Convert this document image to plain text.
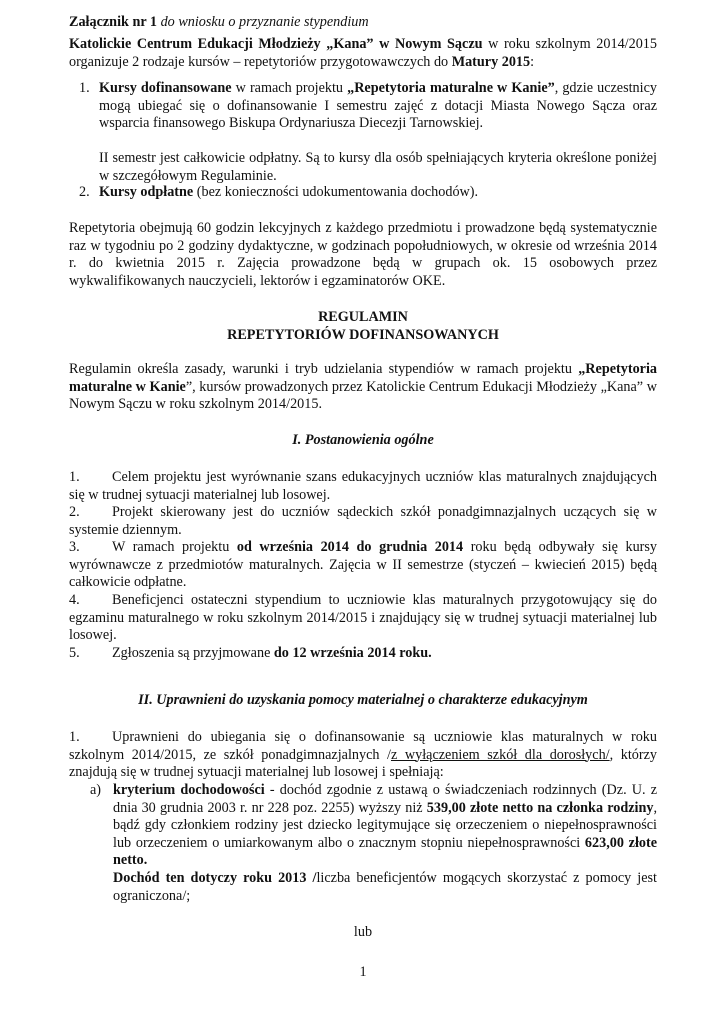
Załącznik nr 1 do wniosku o przyznanie stypendium

Katolickie Centrum Edukacji Młodzieży „Kana” w Nowym Sączu w roku szkolnym 2014/2015 organizuje 2 rodzaje kursów – repetytoriów przygotowawczych do Matury 2015:

1. Kursy dofinansowane w ramach projektu „Repetytoria maturalne w Kanie”, gdzie uczestnicy mogą ubiegać się o dofinansowanie I semestru zajęć z dotacji Miasta Nowego Sącza oraz wsparcia finansowego Biskupa Ordynariusza Diecezji Tarnowskiej.
II semestr jest całkowicie odpłatny. Są to kursy dla osób spełniających kryteria określone poniżej w szczegółowym Regulaminie.
2. Kursy odpłatne (bez konieczności udokumentowania dochodów).

Repetytoria obejmują 60 godzin lekcyjnych z każdego przedmiotu i prowadzone będą systematycznie raz w tygodniu po 2 godziny dydaktyczne, w godzinach popołudniowych, w okresie od września 2014 r. do kwietnia 2015 r. Zajęcia prowadzone będą w grupach ok. 15 osobowych przez wykwalifikowanych nauczycieli, lektorów i egzaminatorów OKE.

REGULAMIN
REPETYTORIÓW DOFINANSOWANYCH

Regulamin określa zasady, warunki i tryb udzielania stypendiów w ramach projektu „Repetytoria maturalne w Kanie”, kursów prowadzonych przez Katolickie Centrum Edukacji Młodzieży „Kana” w Nowym Sączu w roku szkolnym 2014/2015.

I. Postanowienia ogólne
1.	Celem projektu jest wyrównanie szans edukacyjnych uczniów klas maturalnych znajdujących się w trudnej sytuacji materialnej lub losowej.
2.	Projekt skierowany jest do uczniów sądeckich szkół ponadgimnazjalnych uczących się w systemie dziennym.
3.	W ramach projektu od września 2014 do grudnia 2014 roku będą odbywały się kursy wyrównawcze z przedmiotów maturalnych. Zajęcia w II semestrze (styczeń – kwiecień 2015) będą całkowicie odpłatne.
4.	Beneficjenci ostateczni stypendium to uczniowie klas maturalnych przygotowujący się do egzaminu maturalnego w roku szkolnym 2014/2015 i znajdujący się w trudnej sytuacji materialnej lub losowej.
5.	Zgłoszenia są przyjmowane do 12 września 2014 roku.
II. Uprawnieni do uzyskania pomocy materialnej o charakterze edukacyjnym
1.	Uprawnieni do ubiegania się o dofinansowanie są uczniowie klas maturalnych w roku szkolnym 2014/2015, ze szkół ponadgimnazjalnych /z wyłączeniem szkół dla dorosłych/, którzy znajdują się w trudnej sytuacji materialnej lub losowej i spełniają:

a) kryterium dochodowości - dochód zgodnie z ustawą o świadczeniach rodzinnych (Dz. U. z dnia 30 grudnia 2003 r. nr 228 poz. 2255) wyższy niż 539,00 złote netto na członka rodziny, bądź gdy członkiem rodziny jest dziecko legitymujące się orzeczeniem o niepełnosprawności lub orzeczeniem o umiarkowanym albo o znacznym stopniu niepełnosprawności 623,00 złote netto.
Dochód ten dotyczy roku 2013 /liczba beneficjentów mogących skorzystać z pomocy jest ograniczona/;
lub
1
